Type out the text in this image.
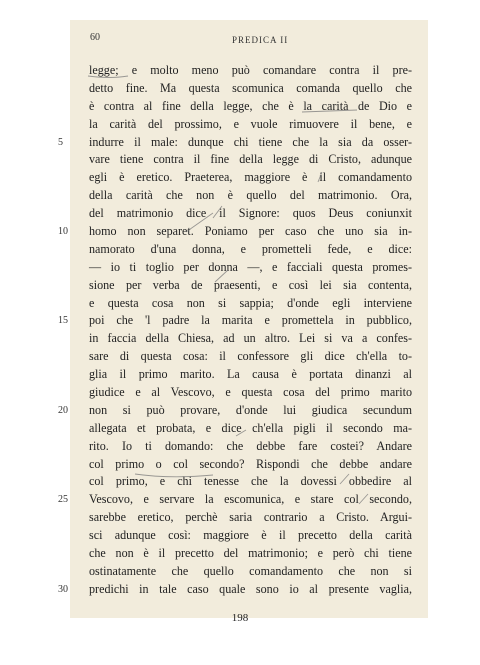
60	PREDICA II
legge; e molto meno può comandare contra il pre-
detto fine. Ma questa scomunica comanda quello che
è contra al fine della legge, che è la carità de Dio e
la carità del prossimo, e vuole rimuovere il bene, e
5	indurre il male: dunque chi tiene che la sia da osser-
vare tiene contra il fine della legge di Cristo, adunque
egli è eretico. Praeterea, maggiore è il comandamento
della carità che non è quello del matrimonio. Ora,
del matrimonio dice il Signore: quos Deus coniunxit
10	homo non separet. Poniamo per caso che uno sia in-
namorato d'una donna, e prometteli fede, e dice:
— io ti toglio per donna —, e facciali questa promes-
sione per verba de praesenti, e così lei sia contenta,
e questa cosa non si sappia; d'onde egli interviene
15	poi che 'l padre la marita e promettela in pubblico,
in faccia della Chiesa, ad un altro. Lei si va a confes-
sare di questa cosa: il confessore gli dice ch'ella to-
glia il primo marito. La causa è portata dinanzi al
giudice e al Vescovo, e questa cosa del primo marito
20	non si può provare, d'onde lui giudica secundum
allegata et probata, e dice ch'ella pigli il secondo ma-
rito. Io ti domando: che debbe fare costei? Andare
col primo o col secondo? Rispondi che debbe andare
col primo, e chi tenesse che la dovessi obbedire al
25	Vescovo, e servare la escomunica, e stare col secondo,
sarebbe eretico, perchè saria contrario a Cristo. Argui-
sci adunque così: maggiore è il precetto della carità
che non è il precetto del matrimonio; e però chi tiene
ostinatamente che quello comandamento che non si
30	predichi in tale caso quale sono io al presente vaglia,
198
